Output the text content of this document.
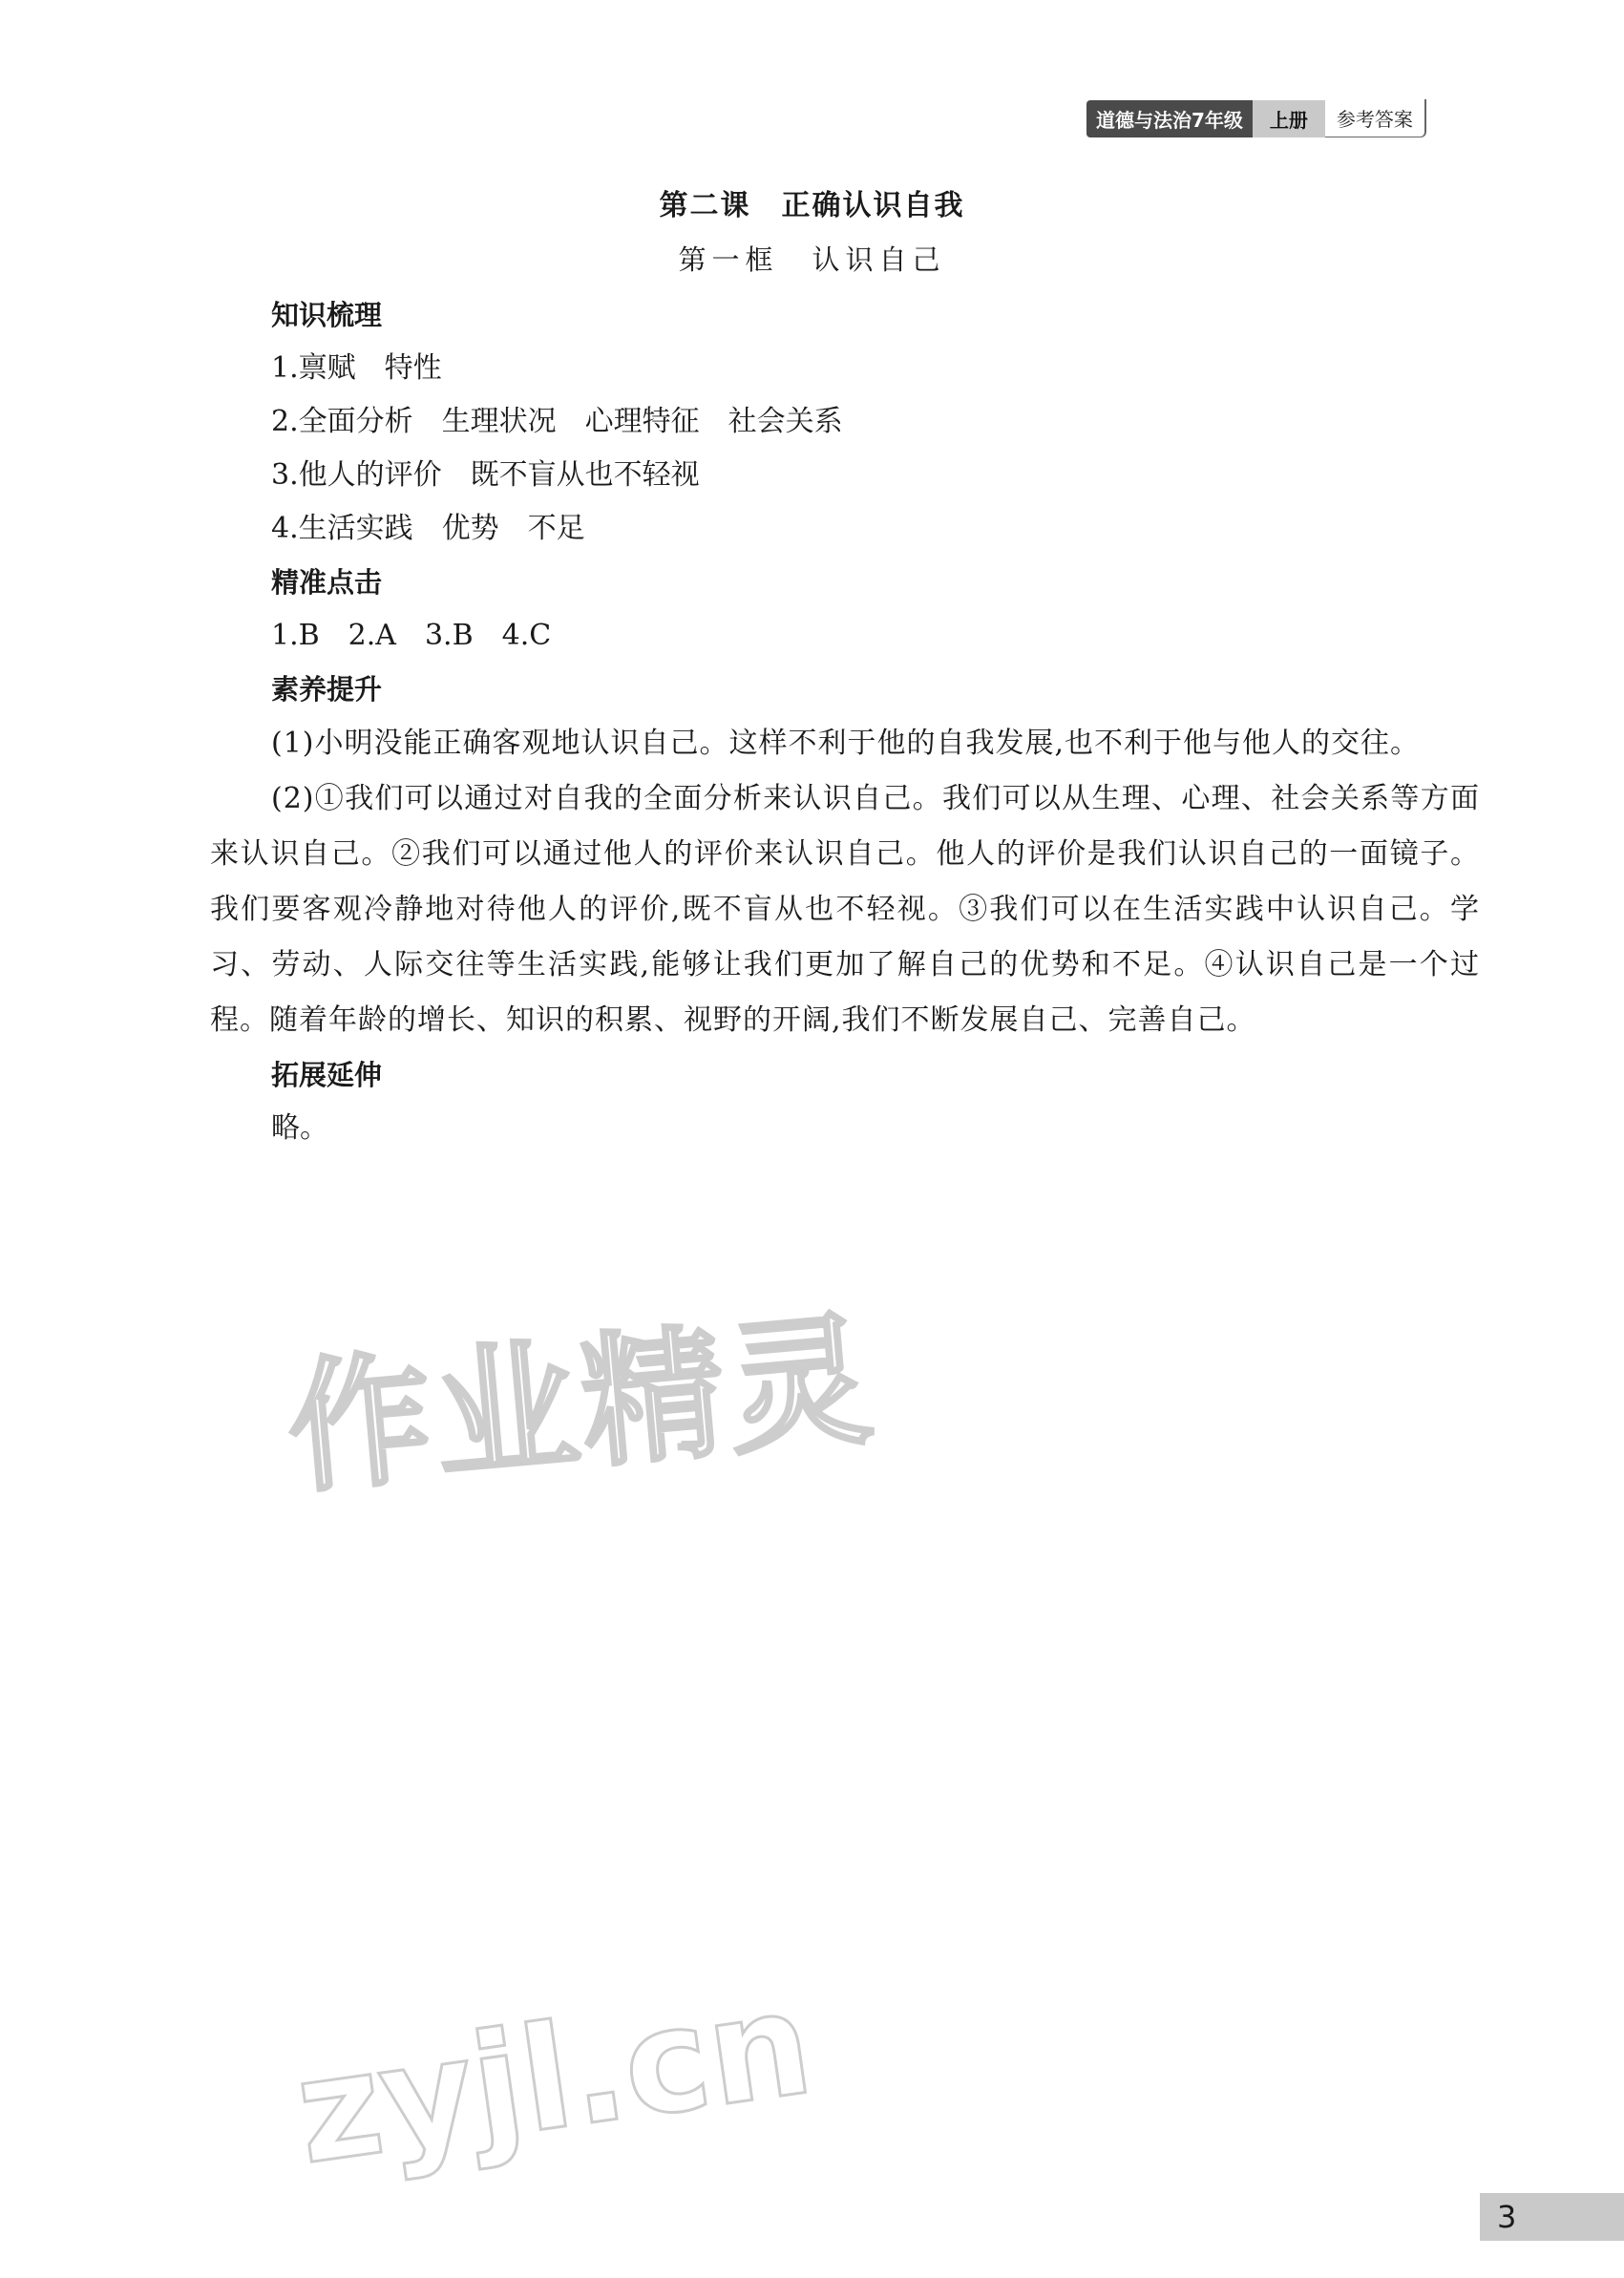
道德与法治7年级	上册	参考答案
第二课　正确认识自我
第一框　认识自己
知识梳理
1.禀赋　特性
2.全面分析　生理状况　心理特征　社会关系
3.他人的评价　既不盲从也不轻视
4.生活实践　优势　不足
精准点击
1.B　2.A　3.B　4.C
素养提升

(1)小明没能正确客观地认识自己。这样不利于他的自我发展,也不利于他与他人的交往。

(2)①我们可以通过对自我的全面分析来认识自己。我们可以从生理、心理、社会关系等方面来认识自己。②我们可以通过他人的评价来认识自己。他人的评价是我们认识自己的一面镜子。我们要客观冷静地对待他人的评价,既不盲从也不轻视。③我们可以在生活实践中认识自己。学习、劳动、人际交往等生活实践,能够让我们更加了解自己的优势和不足。④认识自己是一个过程。随着年龄的增长、知识的积累、视野的开阔,我们不断发展自己、完善自己。

拓展延伸
略。
作业精灵
zyjl.cn
3
